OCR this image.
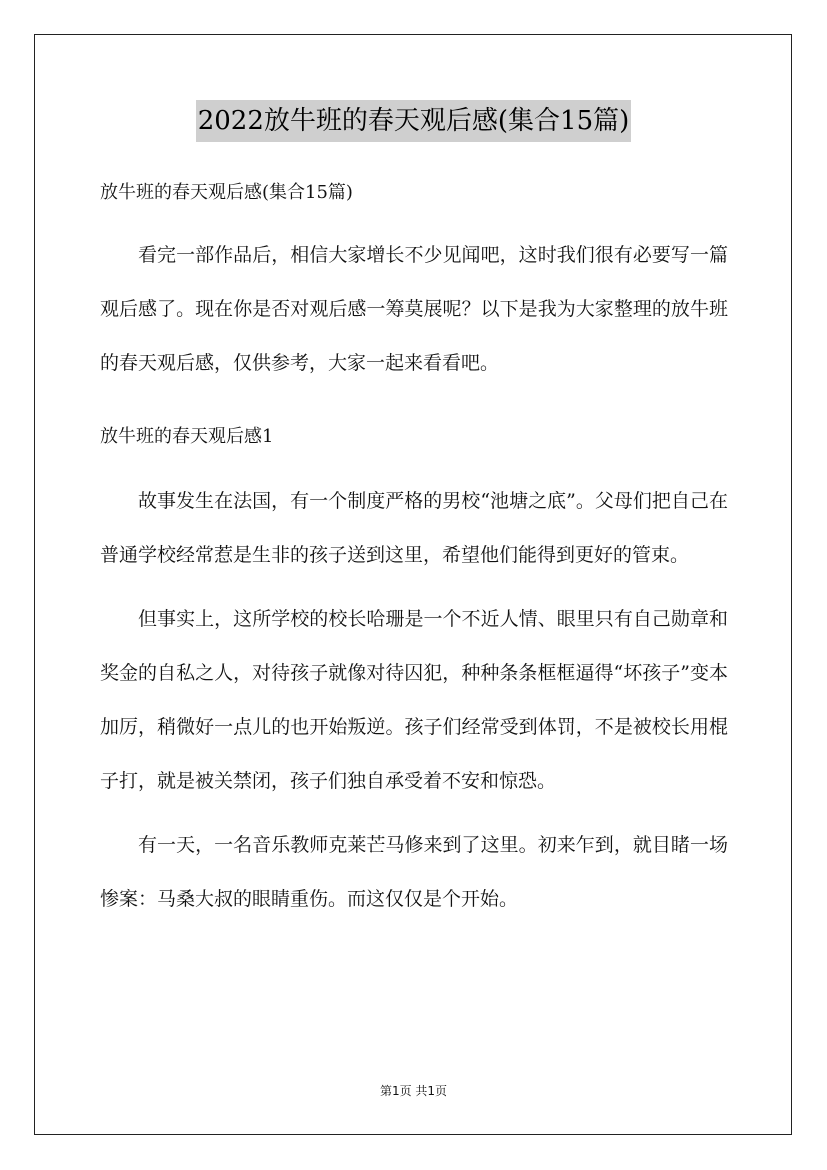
2022放牛班的春天观后感(集合15篇)
放牛班的春天观后感(集合15篇)

看完一部作品后，相信大家增长不少见闻吧，这时我们很有必要写一篇观后感了。现在你是否对观后感一筹莫展呢？以下是我为大家整理的放牛班的春天观后感，仅供参考，大家一起来看看吧。

放牛班的春天观后感1

故事发生在法国，有一个制度严格的男校“池塘之底”。父母们把自己在普通学校经常惹是生非的孩子送到这里，希望他们能得到更好的管束。

但事实上，这所学校的校长哈珊是一个不近人情、眼里只有自己勋章和奖金的自私之人，对待孩子就像对待囚犯，种种条条框框逼得“坏孩子”变本加厉，稍微好一点儿的也开始叛逆。孩子们经常受到体罚，不是被校长用棍子打，就是被关禁闭，孩子们独自承受着不安和惊恐。

有一天，一名音乐教师克莱芒马修来到了这里。初来乍到，就目睹一场惨案：马桑大叔的眼睛重伤。而这仅仅是个开始。

第1页 共1页
